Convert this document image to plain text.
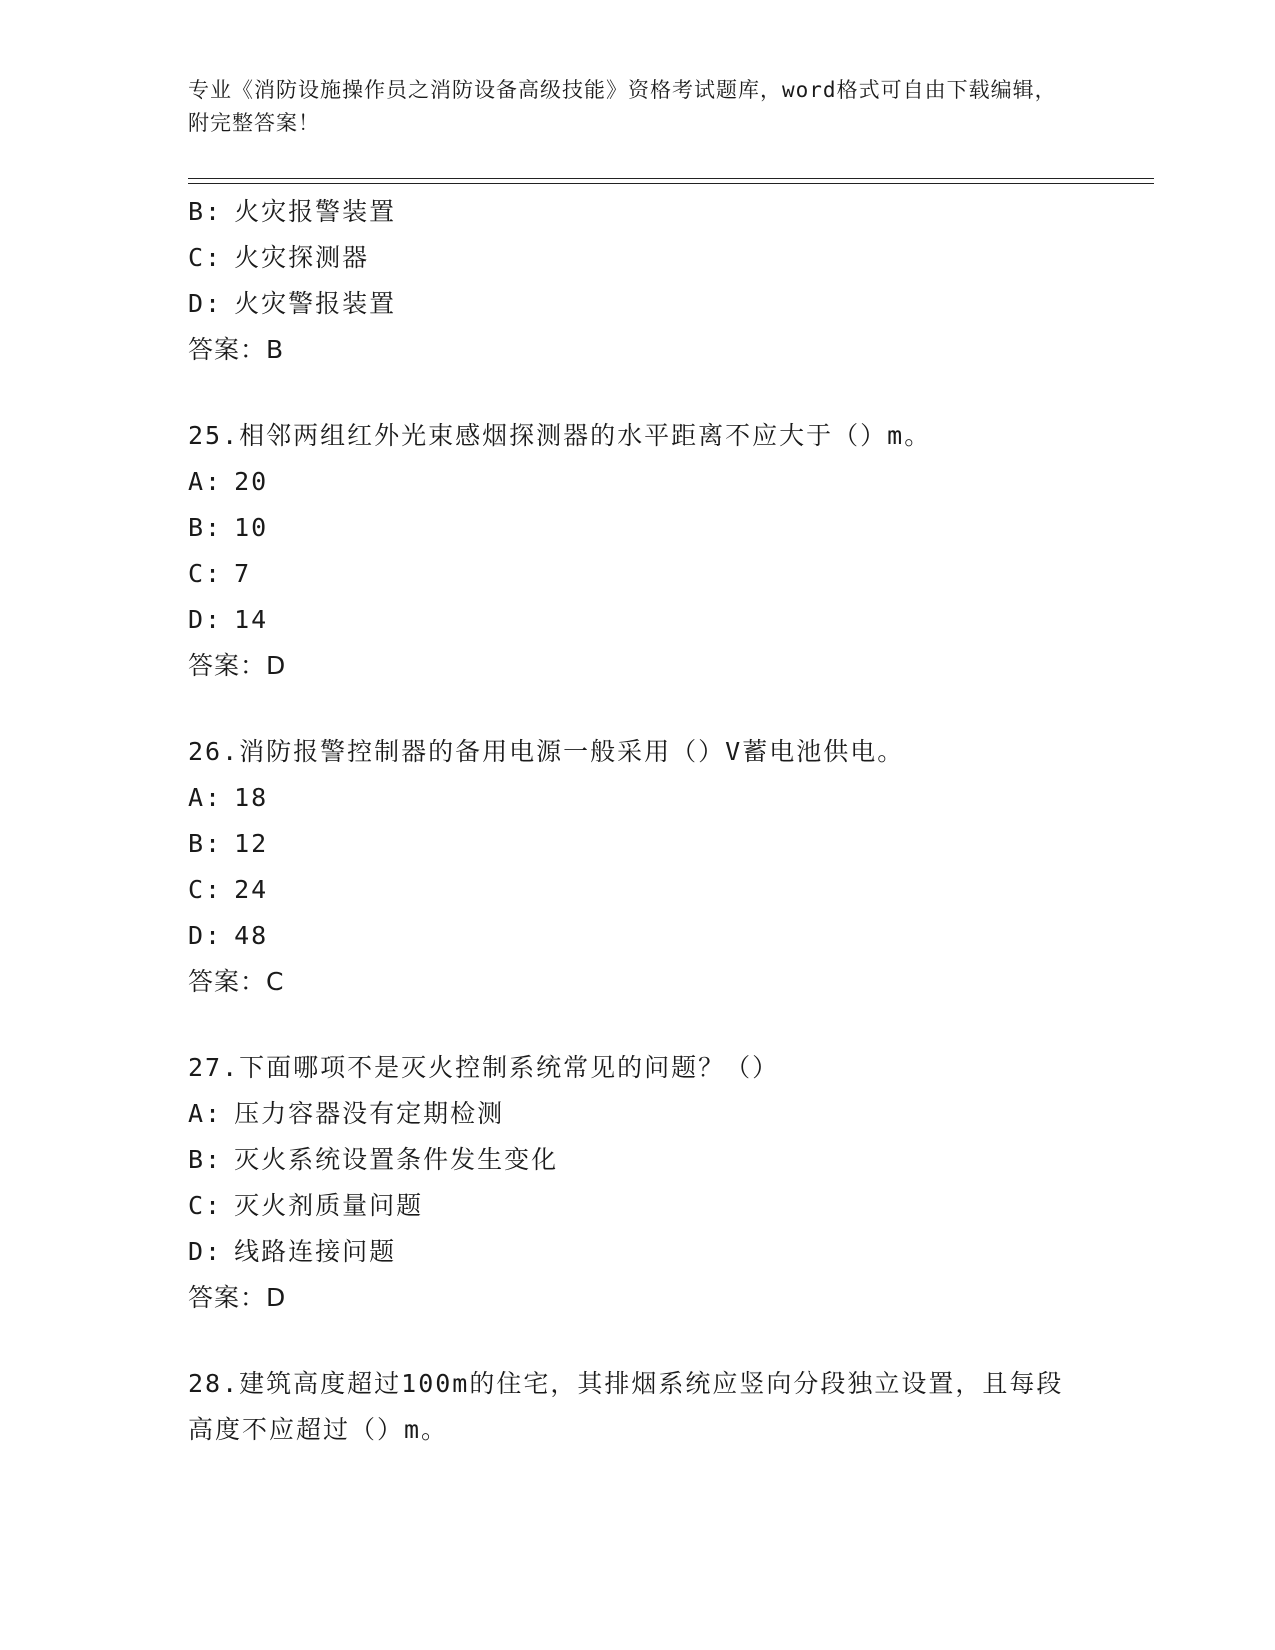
专业《消防设施操作员之消防设备高级技能》资格考试题库，word格式可自由下载编辑，附完整答案！
B: 火灾报警装置
C: 火灾探测器
D: 火灾警报装置
答案：B
25.相邻两组红外光束感烟探测器的水平距离不应大于（）m。
A: 20
B: 10
C: 7
D: 14
答案：D
26.消防报警控制器的备用电源一般采用（）V蓄电池供电。
A: 18
B: 12
C: 24
D: 48
答案：C
27.下面哪项不是灭火控制系统常见的问题？（）
A: 压力容器没有定期检测
B: 灭火系统设置条件发生变化
C: 灭火剂质量问题
D: 线路连接问题
答案：D
28.建筑高度超过100m的住宅，其排烟系统应竖向分段独立设置，且每段高度不应超过（）m。
